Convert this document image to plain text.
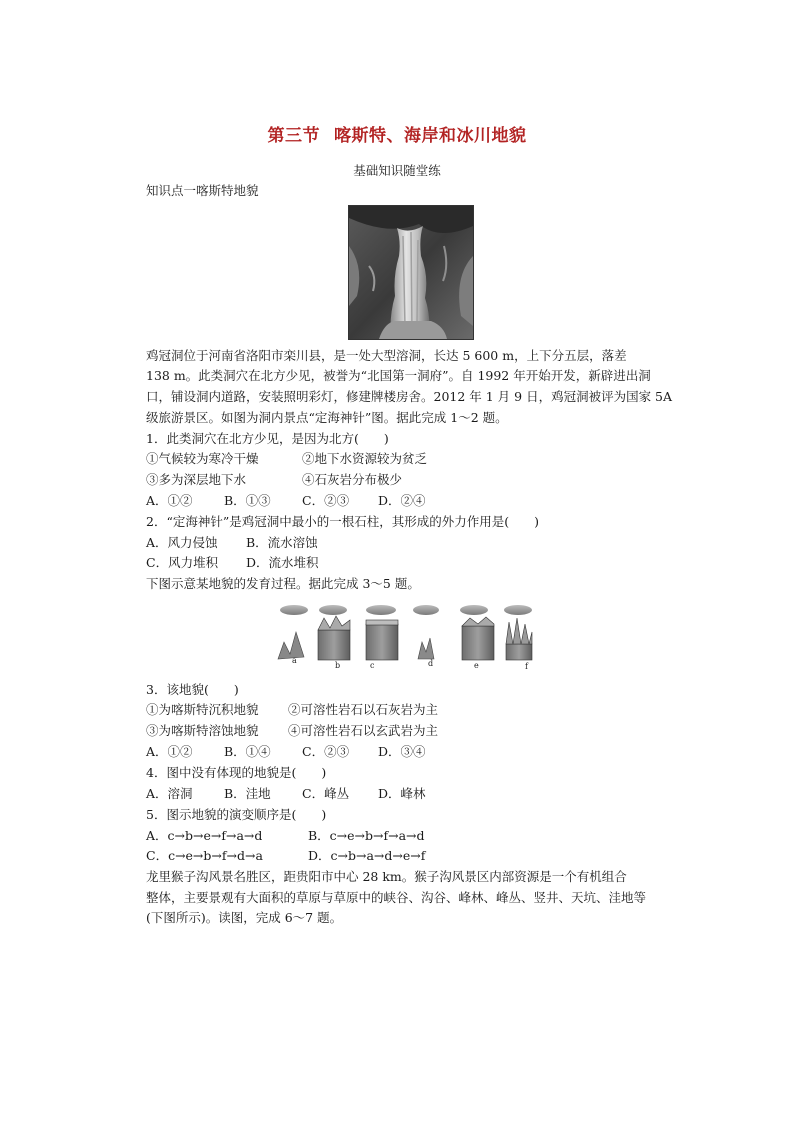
第三节 喀斯特、海岸和冰川地貌
基础知识随堂练
知识点一喀斯特地貌
鸡冠洞位于河南省洛阳市栾川县，是一处大型溶洞，长达 5 600 m，上下分五层，落差
138 m。此类洞穴在北方少见，被誉为“北国第一洞府”。自 1992 年开始开发，新辟进出洞
口，铺设洞内道路，安装照明彩灯，修建牌楼房舍。2012 年 1 月 9 日，鸡冠洞被评为国家 5A
级旅游景区。如图为洞内景点“定海神针”图。据此完成 1～2 题。
1．此类洞穴在北方少见，是因为北方(　　)
①气候较为寒冷干燥	②地下水资源较为贫乏
③多为深层地下水	④石灰岩分布极少
A．①②	B．①③	C．②③ D．②④
2．“定海神针”是鸡冠洞中最小的一根石柱，其形成的外力作用是(　　)
A．风力侵蚀 B．流水溶蚀
C．风力堆积 D．流水堆积
下图示意某地貌的发育过程。据此完成 3～5 题。
a
b	c	d	e	f
3．该地貌(　　)
①为喀斯特沉积地貌 ②可溶性岩石以石灰岩为主
③为喀斯特溶蚀地貌 ④可溶性岩石以玄武岩为主
A．①②	B．①④	C．②③ D．③④
4．图中没有体现的地貌是(　　)
A．溶洞	B．洼地	C．峰丛 D．峰林
5．图示地貌的演变顺序是(　　)
A．c→b→e→f→a→d	B．c→e→b→f→a→d
C．c→e→b→f→d→a	D．c→b→a→d→e→f
龙里猴子沟风景名胜区，距贵阳市中心 28 km。猴子沟风景区内部资源是一个有机组合
整体，主要景观有大面积的草原与草原中的峡谷、沟谷、峰林、峰丛、竖井、天坑、洼地等
(下图所示)。读图，完成 6～7 题。
